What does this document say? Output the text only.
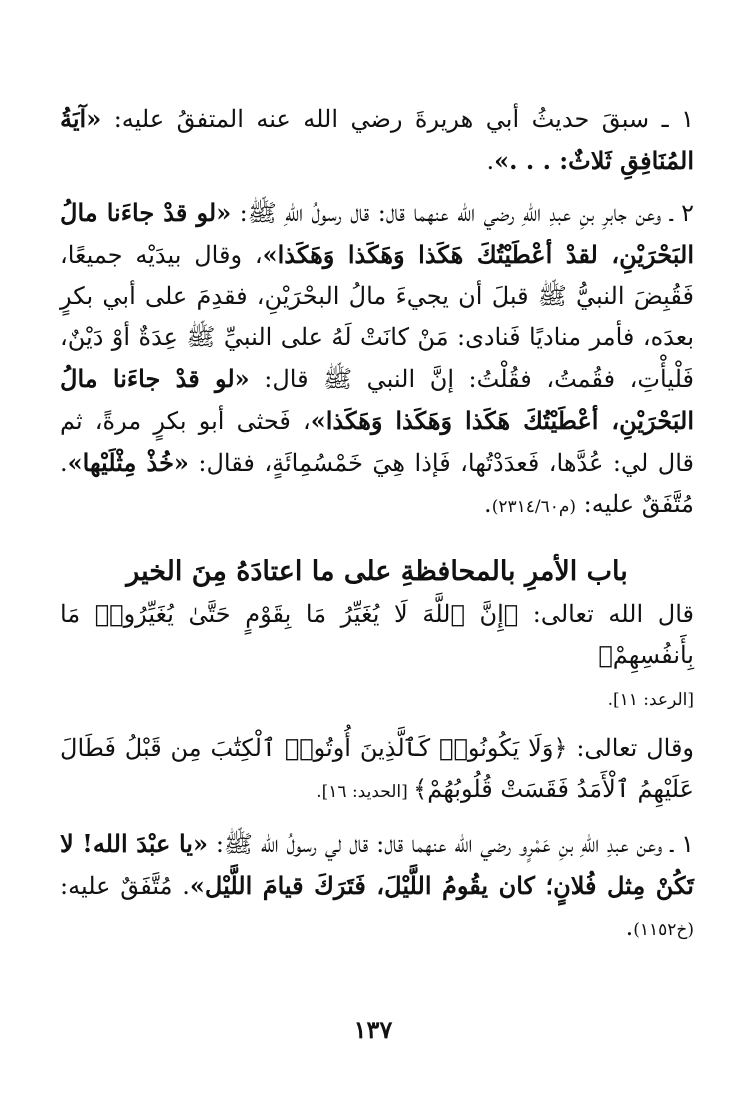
١ ـ سبقَ حديثُ أبي هريرةَ رضي الله عنه المتفقُ عليه: «آيَةُ المُنَافِقِ ثَلاثٌ: . . .».

٢ ـ وعن جابرِ بنِ عبدِ اللهِ رضي الله عنهما قال: قال رسولُ اللهِ ﷺ: «لو قدْ جاءَنا مالُ البَحْرَيْنِ، لقدْ أعْطَيْتُكَ هَكَذا وَهَكَذا وَهَكَذا»، وقال بيدَيْه جميعًا، فَقُبِضَ النبيُّ ﷺ قبلَ أن يجيءَ مالُ البحْرَيْنِ، فقدِمَ على أبي بكرٍ بعدَه، فأمر مناديًا فَنادى: مَنْ كانَتْ لَهُ على النبيِّ ﷺ عِدَةٌ أوْ دَيْنٌ، فَلْيأْتِ، فقُمتُ، فقُلْتُ: إنَّ النبي ﷺ قال: «لو قدْ جاءَنا مالُ البَحْرَيْنِ، أعْطَيْتُكَ هَكَذا وَهَكَذا وَهَكَذا»، فَحثى أبو بكرٍ مرةً، ثم قال لي: عُدَّها، فَعدَدْتُها، فَإذا هِيَ خَمْسُمِائَةٍ، فقال: «خُذْ مِثْلَيْها». مُتَّفَقٌ عليه: (م٢٣١٤/٦٠).

باب الأمرِ بالمحافظةِ على ما اعتادَهُ مِنَ الخير

قال الله تعالى: ﴿إِنَّ ٱللَّهَ لَا يُغَيِّرُ مَا بِقَوْمٍ حَتَّىٰ يُغَيِّرُوا۟ مَا بِأَنفُسِهِمْ﴾

[الرعد: ١١].

وقال تعالى: ﴿وَلَا يَكُونُوا۟ كَٱلَّذِينَ أُوتُوا۟ ٱلْكِتَٰبَ مِن قَبْلُ فَطَالَ عَلَيْهِمُ ٱلْأَمَدُ فَقَسَتْ قُلُوبُهُمْ﴾ [الحديد: ١٦].

١ ـ وعن عبدِ اللهِ بنِ عَمْرٍو رضي الله عنهما قال: قال لي رسولُ الله ﷺ: «يا عبْدَ الله! لا تَكُنْ مِثل فُلانٍ؛ كان يقُومُ اللَّيْلَ، فَتَرَكَ قيامَ اللَّيْل». مُتَّفَقٌ عليه: (خ١١٥٢).

١٣٧
